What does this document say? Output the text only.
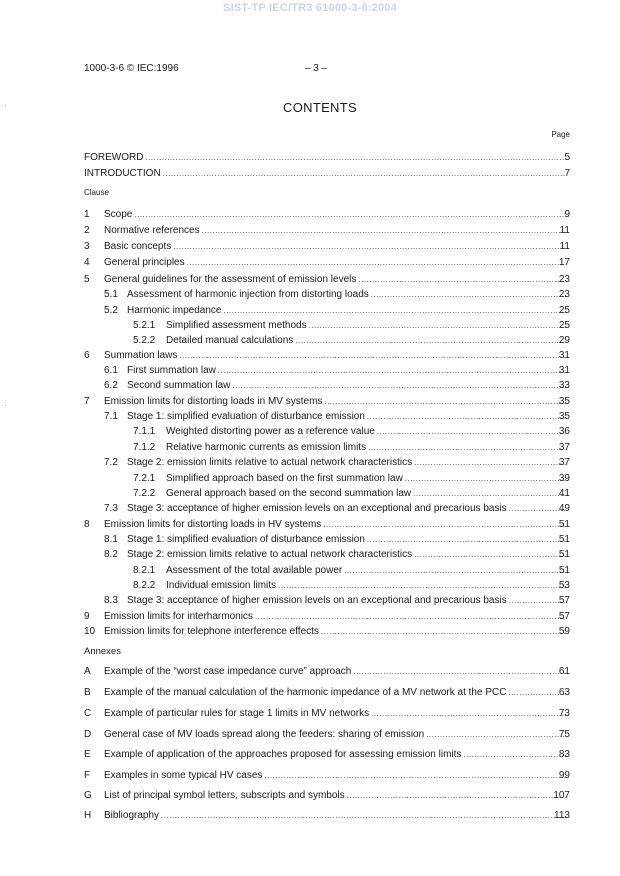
SIST-TP IEC/TR3 61000-3-6:2004
1000-3-6 © IEC:1996	– 3 –
CONTENTS
Page
Clause
Annexes
FOREWORD .....	5
INTRODUCTION .....	7
1 Scope .....	9
2 Normative references .....	11
3 Basic concepts .....	11
4 General principles .....	17
5 General guidelines for the assessment of emission levels .....	23
5.1 Assessment of harmonic injection from distorting loads .....	23
5.2 Harmonic impedance .....	25
5.2.1 Simplified assessment methods .....	25
5.2.2 Detailed manual calculations .....	29
6 Summation laws .....	31
6.1 First summation law .....	31
6.2 Second summation law .....	33
7 Emission limits for distorting loads in MV systems .....	35
7.1 Stage 1: simplified evaluation of disturbance emission .....	35
7.1.1 Weighted distorting power as a reference value .....	36
7.1.2 Relative harmonic currents as emission limits .....	37
7.2 Stage 2: emission limits relative to actual network characteristics .....	37
7.2.1 Simplified approach based on the first summation law .....	39
7.2.2 General approach based on the second summation law .....	41
7.3 Stage 3: acceptance of higher emission levels on an exceptional and precarious basis .....	49
8 Emission limits for distorting loads in HV systems .....	51
8.1 Stage 1: simplified evaluation of disturbance emission .....	51
8.2 Stage 2: emission limits relative to actual network characteristics .....	51
8.2.1 Assessment of the total available power .....	51
8.2.2 Individual emission limits .....	53
8.3 Stage 3: acceptance of higher emission levels on an exceptional and precarious basis .....	57
9 Emission limits for interharmonics .....	57
10 Emission limits for telephone interference effects .....	59
A Example of the “worst case impedance curve” approach .....	61
B Example of the manual calculation of the harmonic impedance of a MV network at the PCC .....	63
C Example of particular rules for stage 1 limits in MV networks .....	73
D General case of MV loads spread along the feeders: sharing of emission .....	75
E Example of application of the approaches proposed for assessing emission limits .....	83
F Examples in some typical HV cases .....	99
G List of principal symbol letters, subscripts and symbols .....	107
H Bibliography .....	113
·
·
